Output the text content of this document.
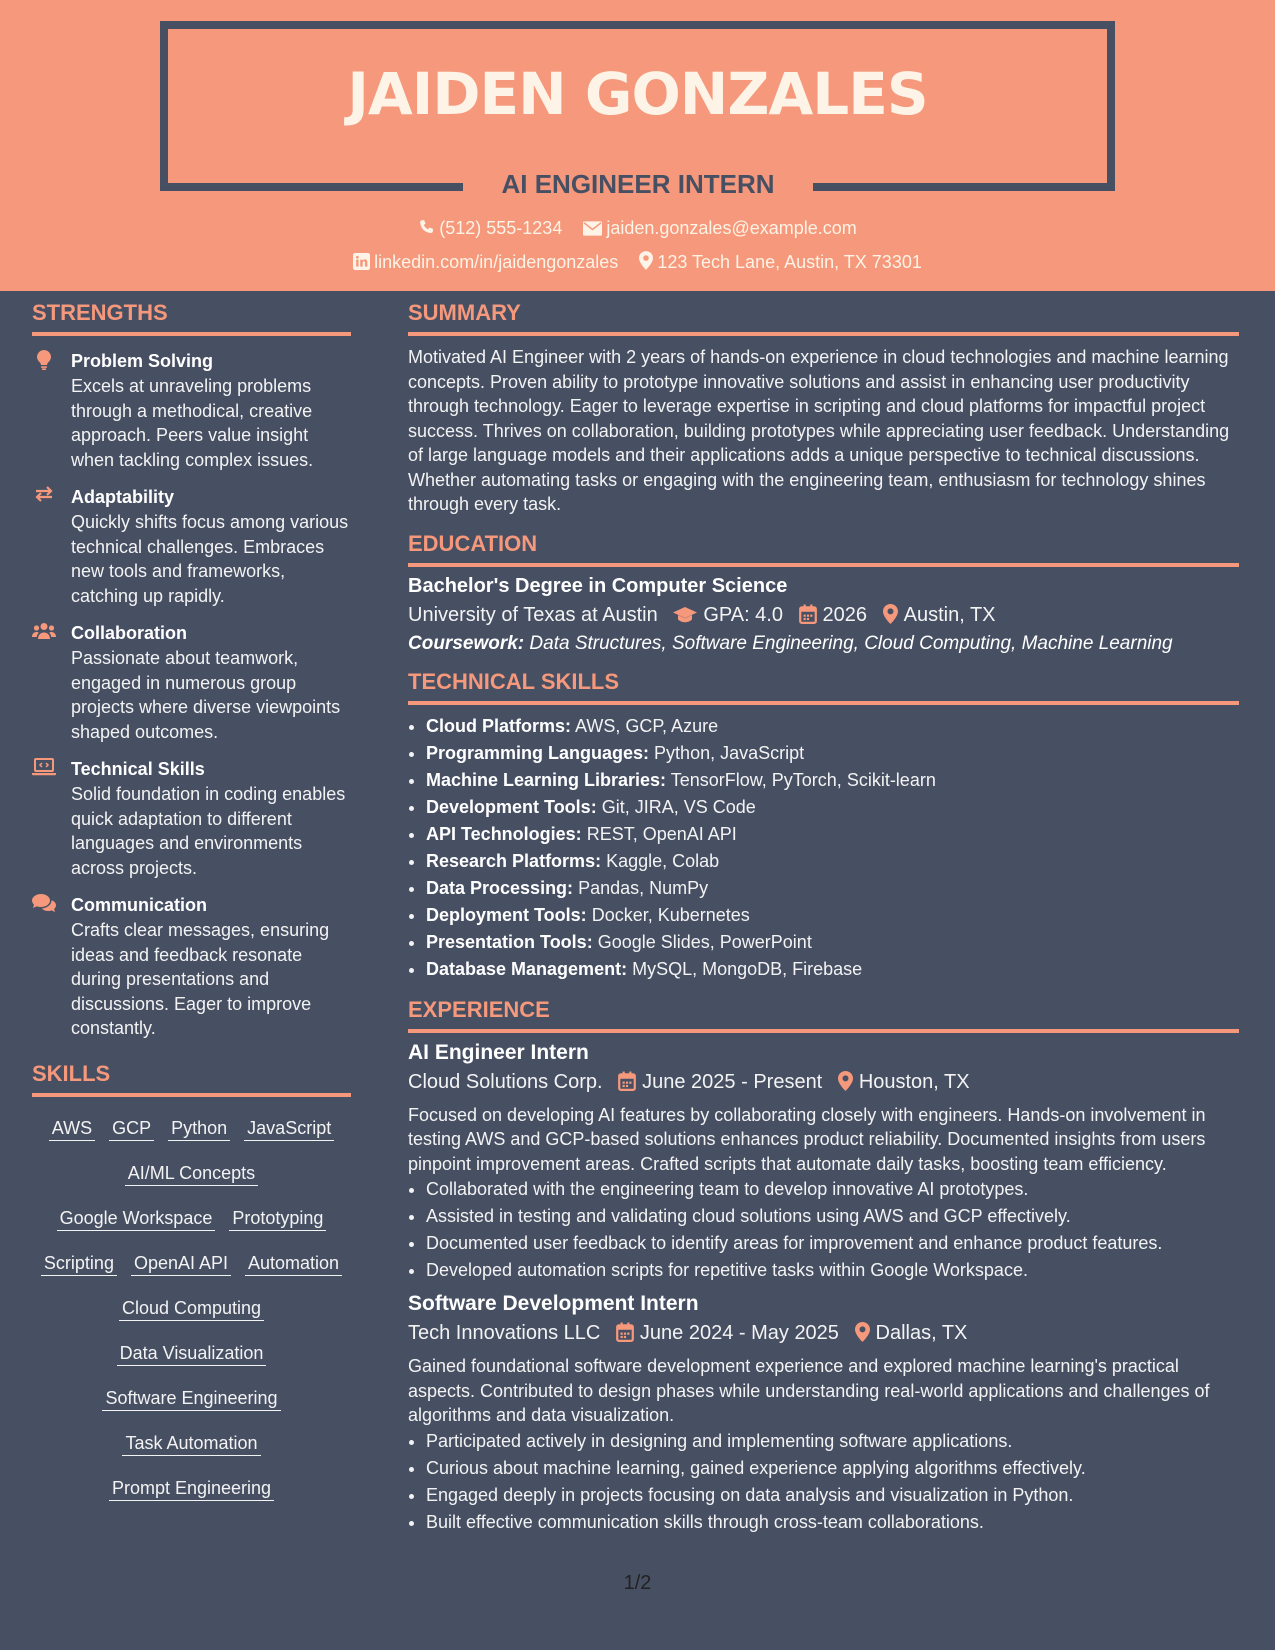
JAIDEN GONZALES
AI ENGINEER INTERN
(512) 555-1234 jaiden.gonzales@example.com
linkedin.com/in/jaidengonzales 123 Tech Lane, Austin, TX 73301
STRENGTHS
Problem Solving
Excels at unraveling problems through a methodical, creative approach. Peers value insight when tackling complex issues.
Adaptability
Quickly shifts focus among various technical challenges. Embraces new tools and frameworks, catching up rapidly.
Collaboration
Passionate about teamwork, engaged in numerous group projects where diverse viewpoints shaped outcomes.
Technical Skills
Solid foundation in coding enables quick adaptation to different languages and environments across projects.
Communication
Crafts clear messages, ensuring ideas and feedback resonate during presentations and discussions. Eager to improve constantly.
SKILLS
AWS GCP Python JavaScript
AI/ML Concepts
Google Workspace Prototyping
Scripting OpenAI API Automation
Cloud Computing
Data Visualization
Software Engineering
Task Automation
Prompt Engineering
SUMMARY
Motivated AI Engineer with 2 years of hands-on experience in cloud technologies and machine learning concepts. Proven ability to prototype innovative solutions and assist in enhancing user productivity through technology. Eager to leverage expertise in scripting and cloud platforms for impactful project success. Thrives on collaboration, building prototypes while appreciating user feedback. Understanding of large language models and their applications adds a unique perspective to technical discussions. Whether automating tasks or engaging with the engineering team, enthusiasm for technology shines through every task.
EDUCATION
Bachelor's Degree in Computer Science
University of Texas at Austin GPA: 4.0 2026 Austin, TX
Coursework: Data Structures, Software Engineering, Cloud Computing, Machine Learning
TECHNICAL SKILLS
• Cloud Platforms: AWS, GCP, Azure
• Programming Languages: Python, JavaScript
• Machine Learning Libraries: TensorFlow, PyTorch, Scikit-learn
• Development Tools: Git, JIRA, VS Code
• API Technologies: REST, OpenAI API
• Research Platforms: Kaggle, Colab
• Data Processing: Pandas, NumPy
• Deployment Tools: Docker, Kubernetes
• Presentation Tools: Google Slides, PowerPoint
• Database Management: MySQL, MongoDB, Firebase
EXPERIENCE
AI Engineer Intern
Cloud Solutions Corp. June 2025 - Present Houston, TX
Focused on developing AI features by collaborating closely with engineers. Hands-on involvement in testing AWS and GCP-based solutions enhances product reliability. Documented insights from users pinpoint improvement areas. Crafted scripts that automate daily tasks, boosting team efficiency.
• Collaborated with the engineering team to develop innovative AI prototypes.
• Assisted in testing and validating cloud solutions using AWS and GCP effectively.
• Documented user feedback to identify areas for improvement and enhance product features.
• Developed automation scripts for repetitive tasks within Google Workspace.
Software Development Intern
Tech Innovations LLC June 2024 - May 2025 Dallas, TX
Gained foundational software development experience and explored machine learning's practical aspects. Contributed to design phases while understanding real-world applications and challenges of algorithms and data visualization.
• Participated actively in designing and implementing software applications.
• Curious about machine learning, gained experience applying algorithms effectively.
• Engaged deeply in projects focusing on data analysis and visualization in Python.
• Built effective communication skills through cross-team collaborations.
1/2
